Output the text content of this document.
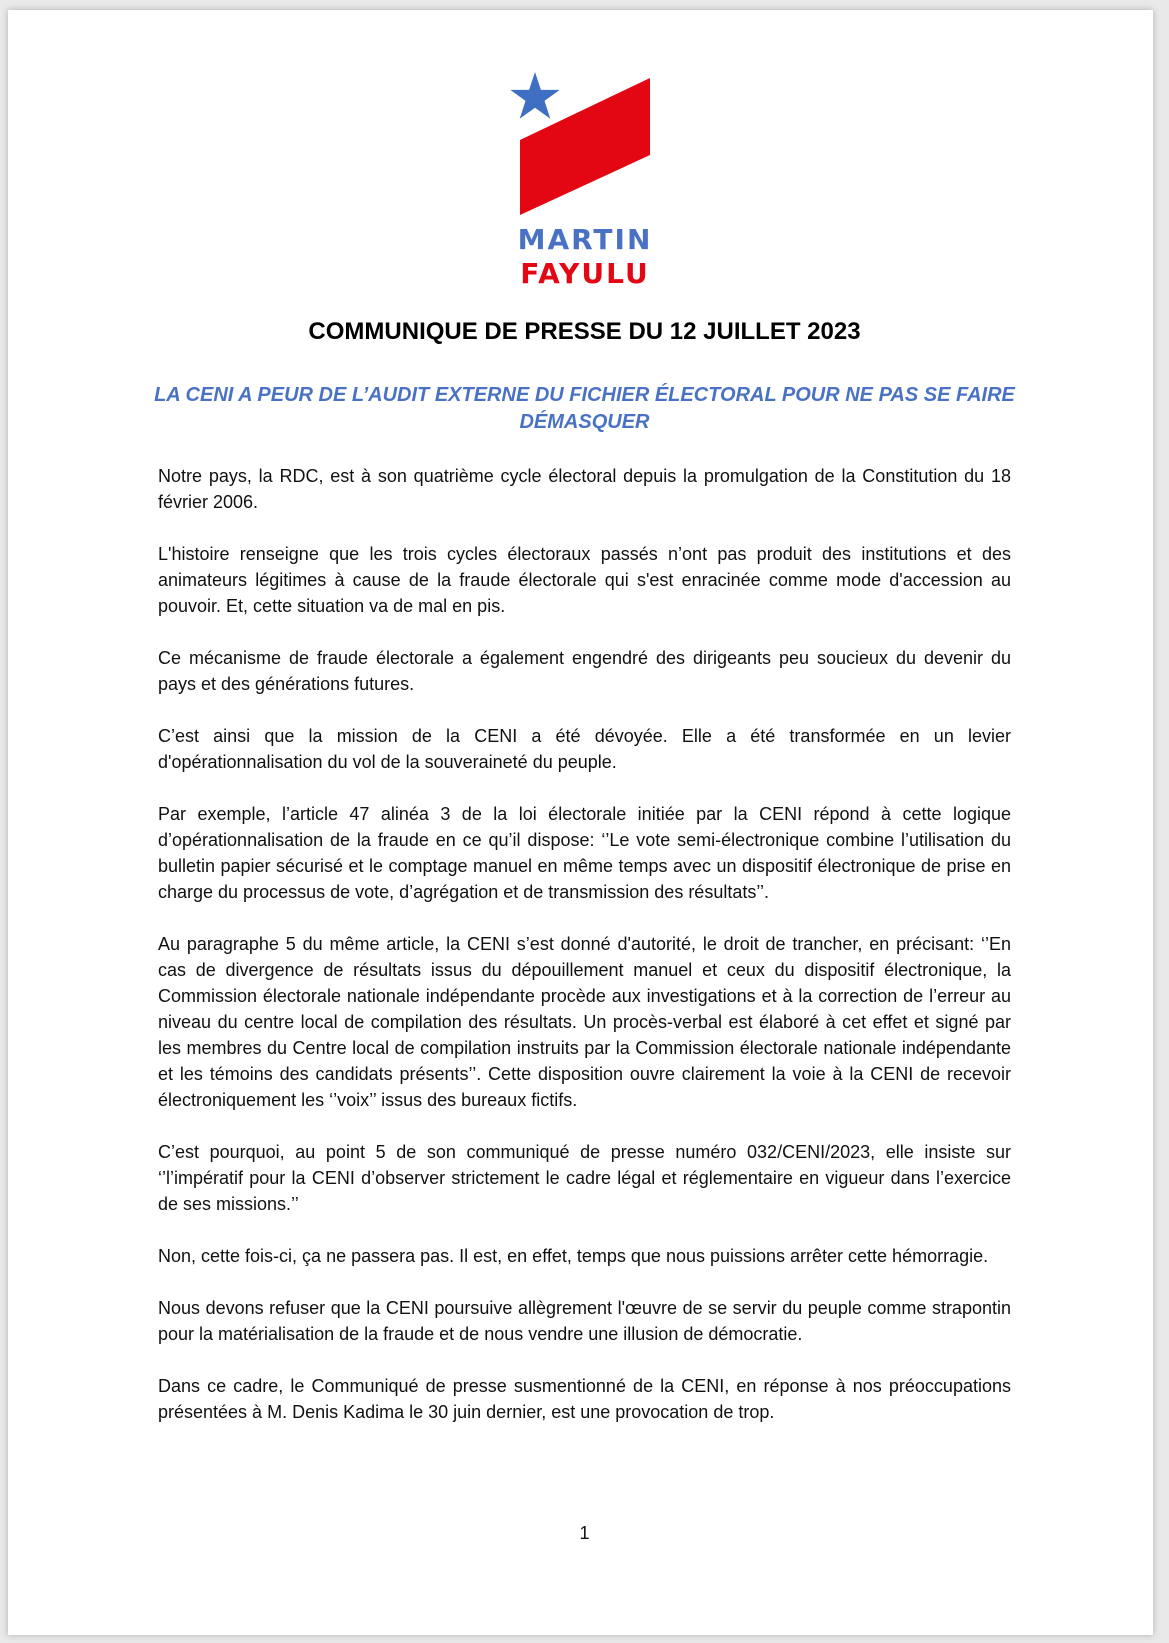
MARTIN
FAYULU
COMMUNIQUE DE PRESSE DU 12 JUILLET 2023
LA CENI A PEUR DE L’AUDIT EXTERNE DU FICHIER ÉLECTORAL POUR NE PAS SE FAIRE DÉMASQUER

Notre pays, la RDC, est à son quatrième cycle électoral depuis la promulgation de la Constitution du 18 février 2006.

L'histoire renseigne que les trois cycles électoraux passés n’ont pas produit des institutions et des animateurs légitimes à cause de la fraude électorale qui s'est enracinée comme mode d'accession au pouvoir. Et, cette situation va de mal en pis.

Ce mécanisme de fraude électorale a également engendré des dirigeants peu soucieux du devenir du pays et des générations futures.

C’est ainsi que la mission de la CENI a été dévoyée. Elle a été transformée en un levier d'opérationnalisation du vol de la souveraineté du peuple.

Par exemple, l’article 47 alinéa 3 de la loi électorale initiée par la CENI répond à cette logique d’opérationnalisation de la fraude en ce qu’il dispose: ‘’Le vote semi-électronique combine l’utilisation du bulletin papier sécurisé et le comptage manuel en même temps avec un dispositif électronique de prise en charge du processus de vote, d’agrégation et de transmission des résultats’’.

Au paragraphe 5 du même article, la CENI s’est donné d'autorité, le droit de trancher, en précisant: ‘’En cas de divergence de résultats issus du dépouillement manuel et ceux du dispositif électronique, la Commission électorale nationale indépendante procède aux investigations et à la correction de l’erreur au niveau du centre local de compilation des résultats. Un procès-verbal est élaboré à cet effet et signé par les membres du Centre local de compilation instruits par la Commission électorale nationale indépendante et les témoins des candidats présents’’. Cette disposition ouvre clairement la voie à la CENI de recevoir électroniquement les ‘’voix’’ issus des bureaux fictifs.

C’est pourquoi, au point 5 de son communiqué de presse numéro 032/CENI/2023, elle insiste sur ‘’l’impératif pour la CENI d’observer strictement le cadre légal et réglementaire en vigueur dans l’exercice de ses missions.’’

Non, cette fois-ci, ça ne passera pas. Il est, en effet, temps que nous puissions arrêter cette hémorragie.

Nous devons refuser que la CENI poursuive allègrement l'œuvre de se servir du peuple comme strapontin pour la matérialisation de la fraude et de nous vendre une illusion de démocratie.

Dans ce cadre, le Communiqué de presse susmentionné de la CENI, en réponse à nos préoccupations présentées à M. Denis Kadima le 30 juin dernier, est une provocation de trop.

1
